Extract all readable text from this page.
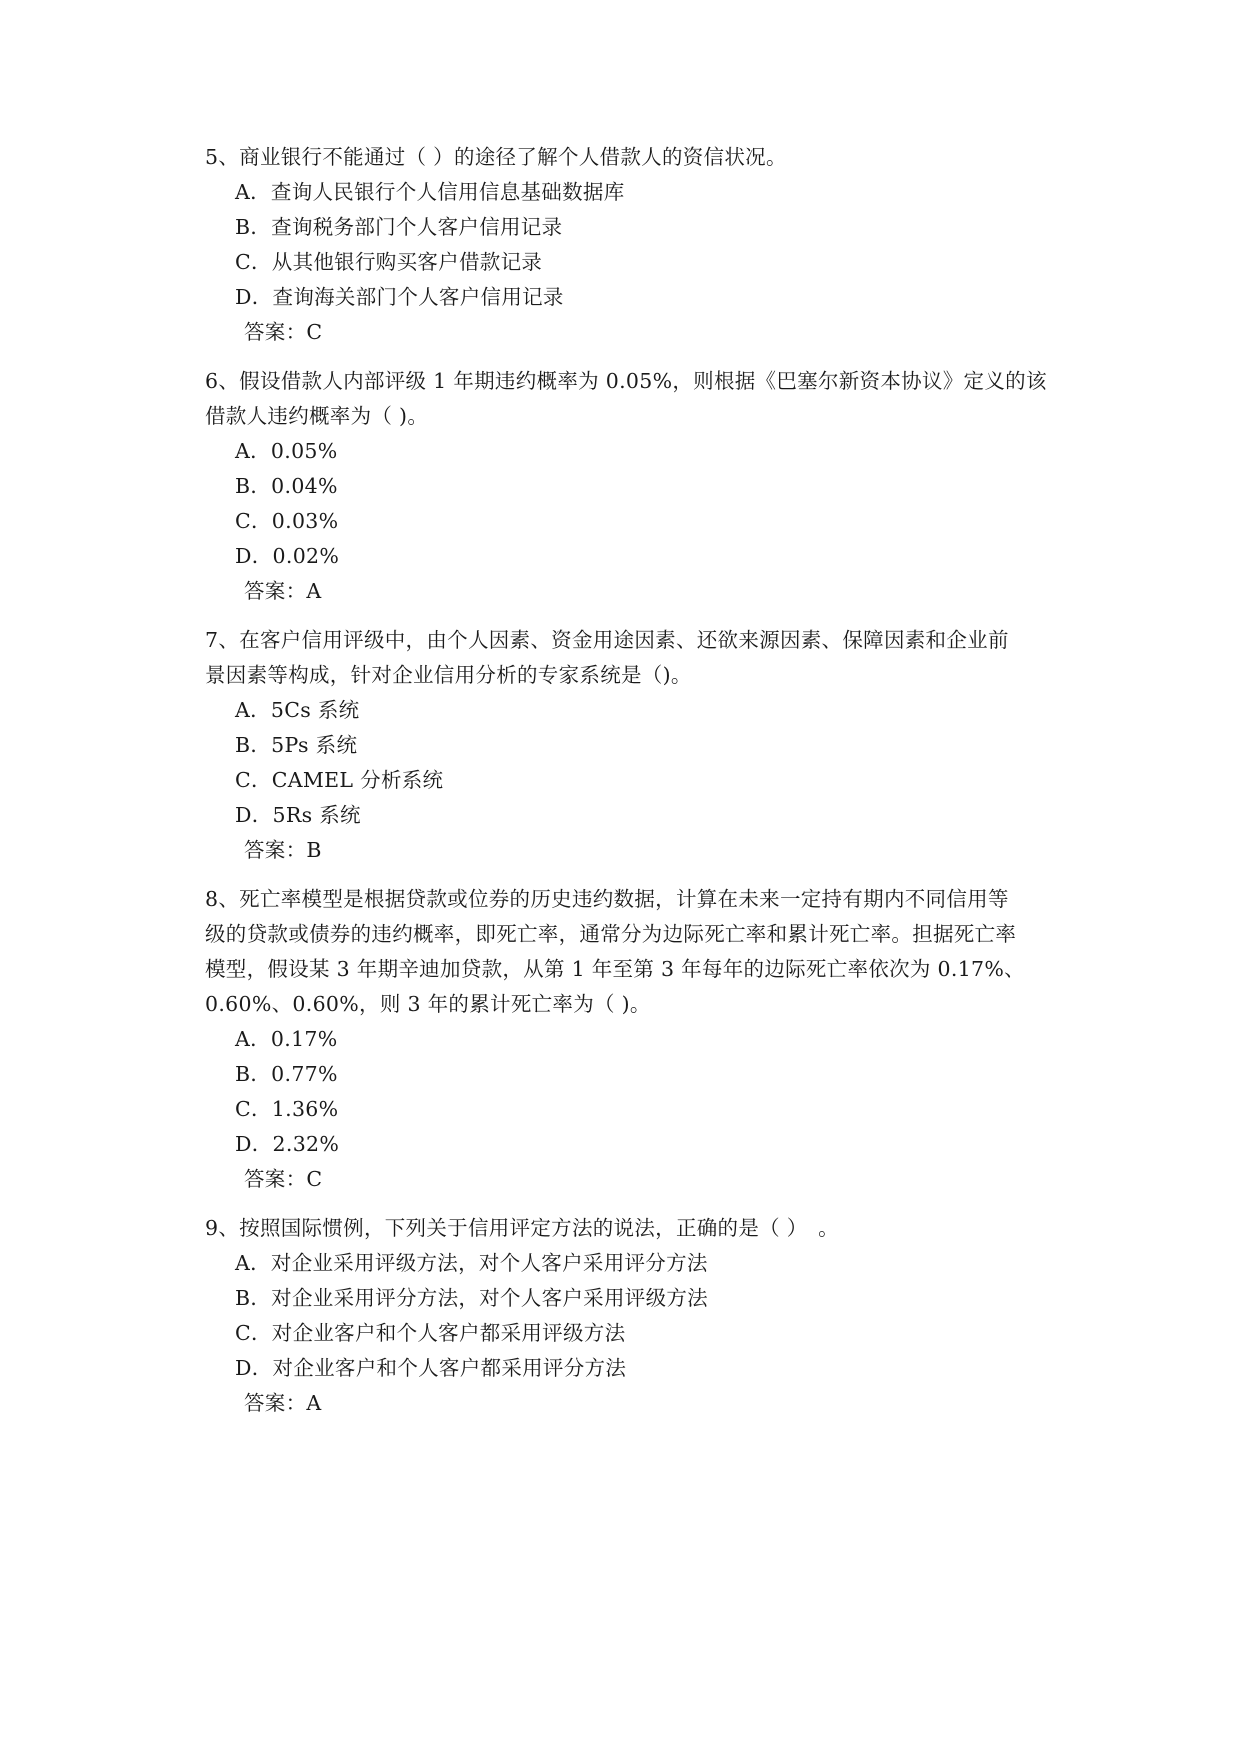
5、商业银行不能通过（ ）的途径了解个人借款人的资信状况。
A．查询人民银行个人信用信息基础数据库
B．查询税务部门个人客户信用记录
C．从其他银行购买客户借款记录
D．查询海关部门个人客户信用记录
答案：C
6、假设借款人内部评级 1 年期违约概率为 0.05%，则根据《巴塞尔新资本协议》定义的该
借款人违约概率为（ )。
A．0.05%
B．0.04%
C．0.03%
D．0.02%
答案：A
7、在客户信用评级中，由个人因素、资金用途因素、还欲来源因素、保障因素和企业前
景因素等构成，针对企业信用分析的专家系统是（)。
A．5Cs 系统
B．5Ps 系统
C．CAMEL 分析系统
D．5Rs 系统
答案：B
8、死亡率模型是根据贷款或位券的历史违约数据，计算在未来一定持有期内不同信用等
级的贷款或债券的违约概率，即死亡率，通常分为边际死亡率和累计死亡率。担据死亡率
模型，假设某 3 年期辛迪加贷款，从第 1 年至第 3 年每年的边际死亡率依次为 0.17%、
0.60%、0.60%，则 3 年的累计死亡率为（ )。
A．0.17%
B．0.77%
C．1.36%
D．2.32%
答案：C
9、按照国际惯例，下列关于信用评定方法的说法，正确的是（ ）　。
A．对企业采用评级方法，对个人客户采用评分方法
B．对企业采用评分方法，对个人客户采用评级方法
C．对企业客户和个人客户都采用评级方法
D．对企业客户和个人客户都采用评分方法
答案：A
